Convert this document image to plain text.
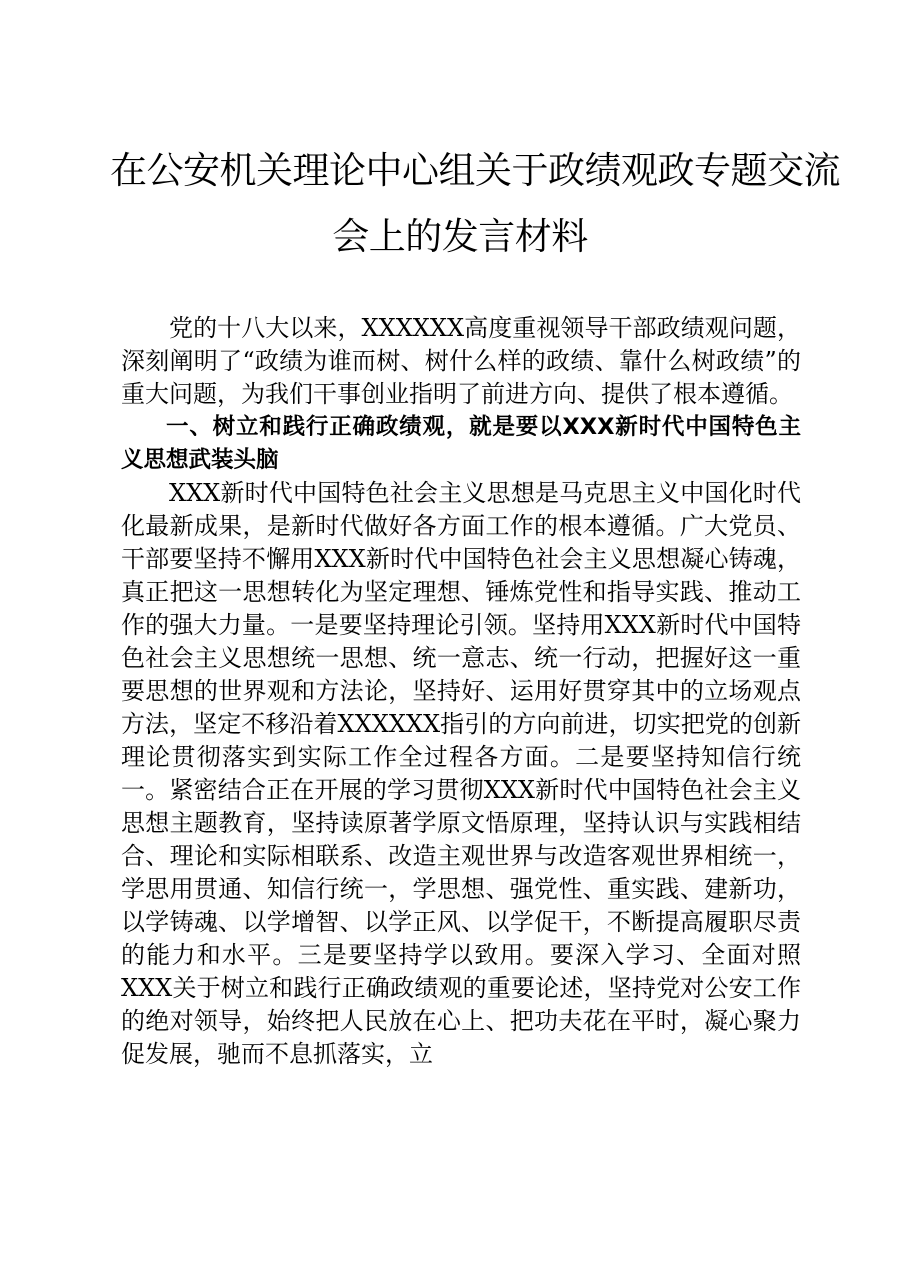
在公安机关理论中心组关于政绩观政专题交流
会上的发言材料

党的十八大以来，XXXXXX高度重视领导干部政绩观问题，深刻阐明了“政绩为谁而树、树什么样的政绩、靠什么树政绩”的重大问题，为我们干事创业指明了前进方向、提供了根本遵循。

一、树立和践行正确政绩观，就是要以XXX新时代中国特色主义思想武装头脑

XXX新时代中国特色社会主义思想是马克思主义中国化时代化最新成果，是新时代做好各方面工作的根本遵循。广大党员、干部要坚持不懈用XXX新时代中国特色社会主义思想凝心铸魂，真正把这一思想转化为坚定理想、锤炼党性和指导实践、推动工作的强大力量。一是要坚持理论引领。坚持用XXX新时代中国特色社会主义思想统一思想、统一意志、统一行动，把握好这一重要思想的世界观和方法论，坚持好、运用好贯穿其中的立场观点方法，坚定不移沿着XXXXXX指引的方向前进，切实把党的创新理论贯彻落实到实际工作全过程各方面。二是要坚持知信行统一。紧密结合正在开展的学习贯彻XXX新时代中国特色社会主义思想主题教育，坚持读原著学原文悟原理，坚持认识与实践相结合、理论和实际相联系、改造主观世界与改造客观世界相统一，学思用贯通、知信行统一，学思想、强党性、重实践、建新功，以学铸魂、以学增智、以学正风、以学促干，不断提高履职尽责的能力和水平。三是要坚持学以致用。要深入学习、全面对照XXX关于树立和践行正确政绩观的重要论述，坚持党对公安工作的绝对领导，始终把人民放在心上、把功夫花在平时，凝心聚力促发展，驰而不息抓落实，立
